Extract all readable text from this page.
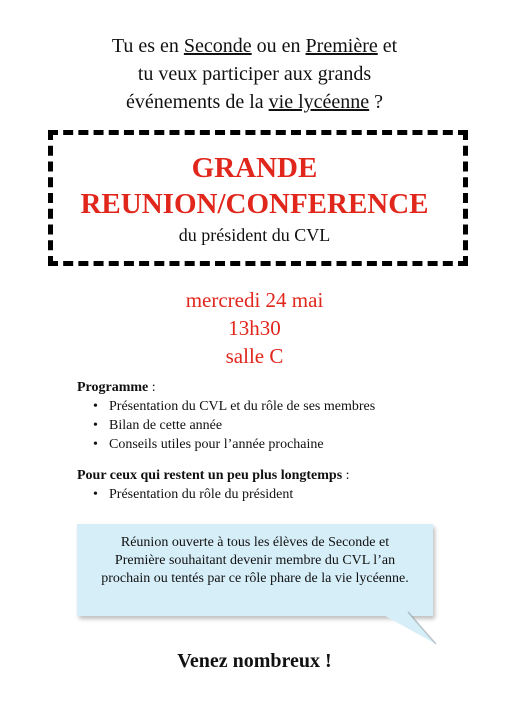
Tu es en Seconde ou en Première et
tu veux participer aux grands
événements de la vie lycéenne ?
GRANDE
REUNION/CONFERENCE
du président du CVL
mercredi 24 mai
13h30
salle C
Programme :
• Présentation du CVL et du rôle de ses membres
• Bilan de cette année
• Conseils utiles pour l’année prochaine
Pour ceux qui restent un peu plus longtemps :
• Présentation du rôle du président
Réunion ouverte à tous les élèves de Seconde et Première souhaitant devenir membre du CVL l’an prochain ou tentés par ce rôle phare de la vie lycéenne.
Venez nombreux !
